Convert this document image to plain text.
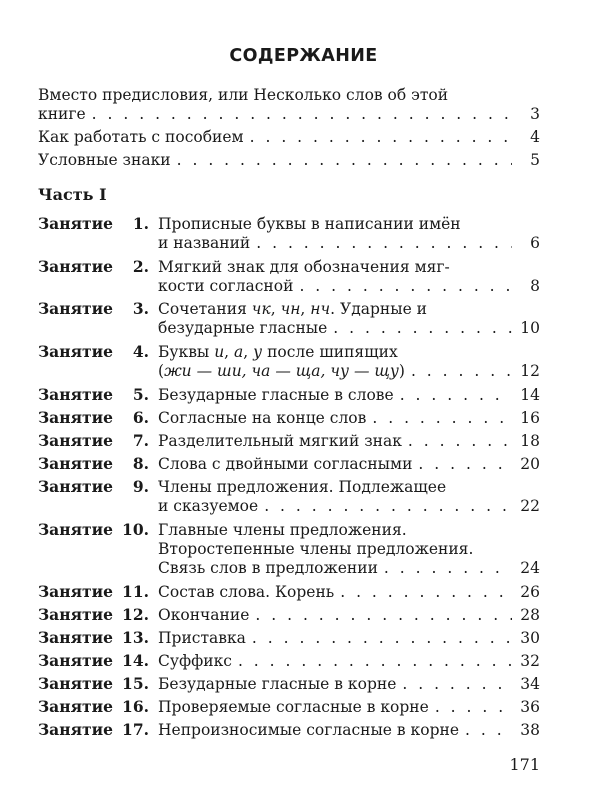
СОДЕРЖАНИЕ
Вместо предисловия, или Несколько слов об этой
книге . . .	3
Как работать с пособием . . .	4
Условные знаки . . .	5
Часть I
Занятие	1. Прописные буквы в написании имён
и названий . . .	6
Занятие	2. Мягкий знак для обозначения мяг-
кости согласной . . .	8
Занятие	3. Сочетания чк, чн, нч. Ударные и
безударные гласные . . .	10
Занятие	4. Буквы и, а, у после шипящих
(жи — ши, ча — ща, чу — щу) . . .	12
Занятие	5. Безударные гласные в слове . . .	14
Занятие	6. Согласные на конце слов . . .	16
Занятие	7. Разделительный мягкий знак . . .	18
Занятие	8. Слова с двойными согласными . . .	20
Занятие	9. Члены предложения. Подлежащее
и сказуемое . . .	22
Занятие 10. Главные члены предложения.
Второстепенные члены предложения.
Связь слов в предложении . . .	24
Занятие 11. Состав слова. Корень . . .	26
Занятие 12. Окончание . . .	28
Занятие 13. Приставка . . .	30
Занятие 14. Суффикс . . .	32
Занятие 15. Безударные гласные в корне . . .	34
Занятие 16. Проверяемые согласные в корне . . .	36
Занятие 17. Непроизносимые согласные в корне . . .	38
171
